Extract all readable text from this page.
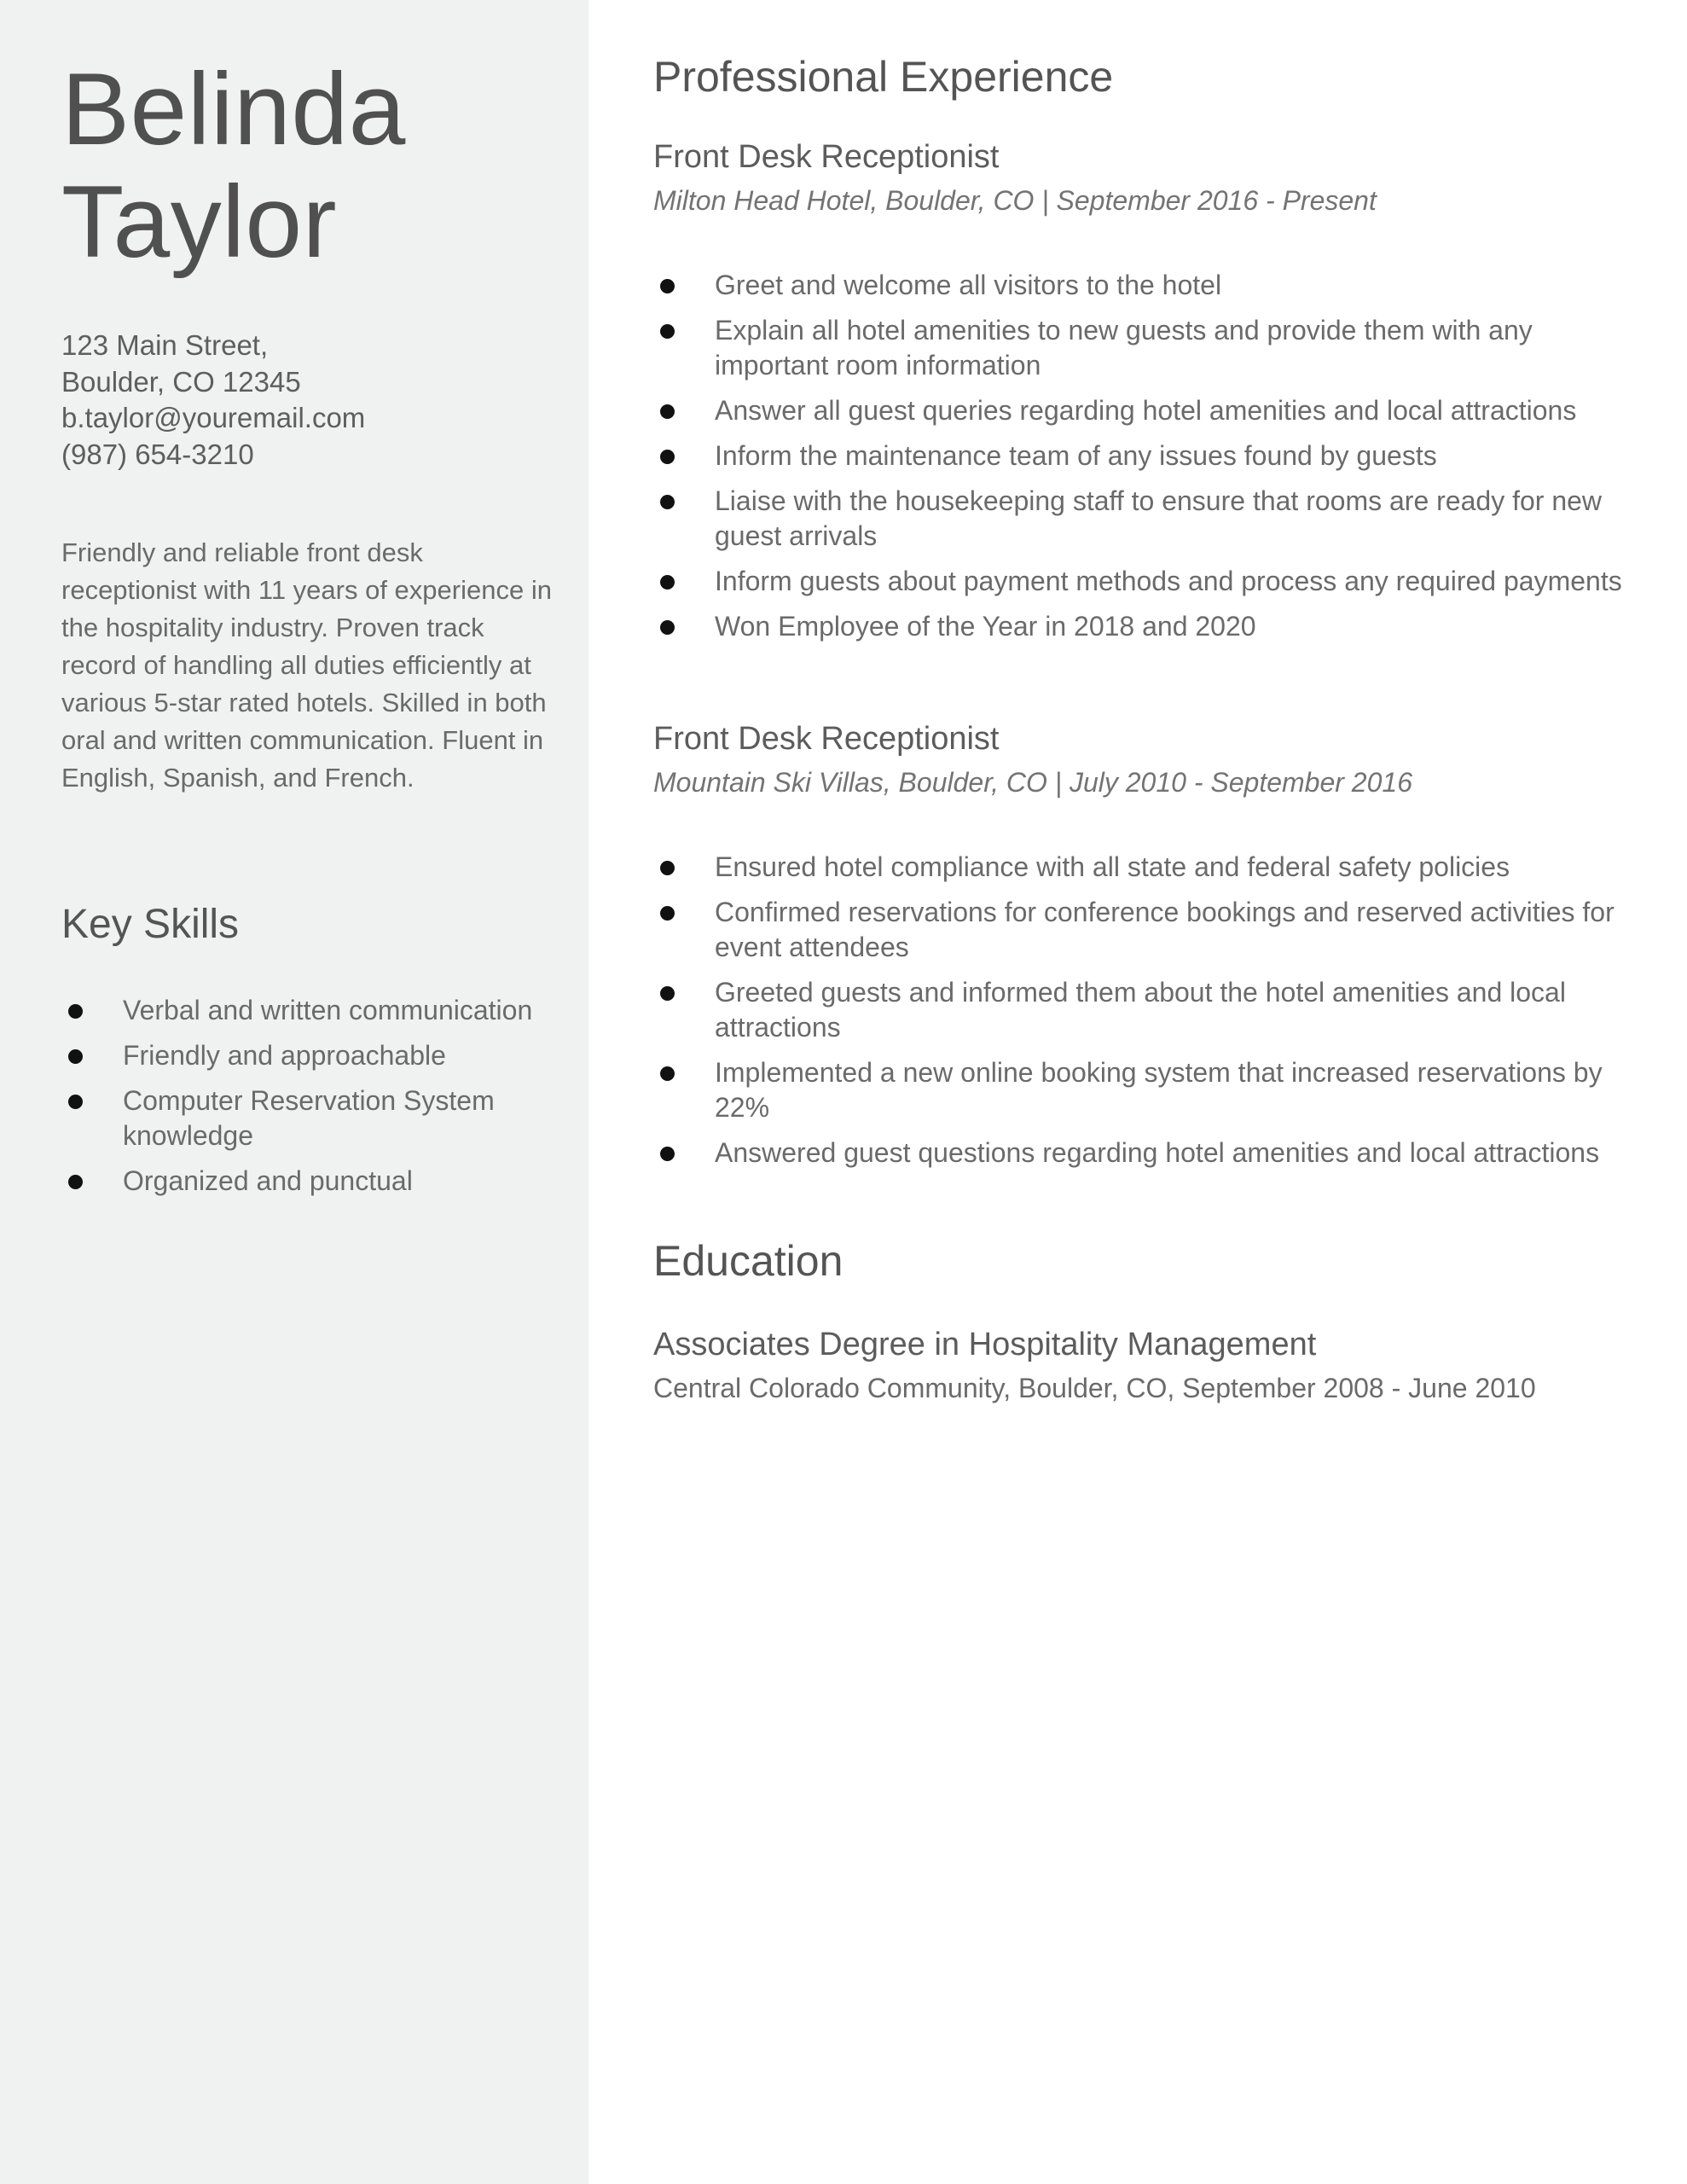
Belinda
Taylor
123 Main Street,
Boulder, CO 12345
b.taylor@youremail.com
(987) 654-3210

Friendly and reliable front desk receptionist with 11 years of experience in the hospitality industry. Proven track record of handling all duties efficiently at various 5-star rated hotels. Skilled in both oral and written communication. Fluent in English, Spanish, and French.

Key Skills
Verbal and written communication
Friendly and approachable
Computer Reservation System knowledge
Organized and punctual
Professional Experience
Front Desk Receptionist
Milton Head Hotel, Boulder, CO | September 2016 - Present
Greet and welcome all visitors to the hotel
Explain all hotel amenities to new guests and provide them with any important room information
Answer all guest queries regarding hotel amenities and local attractions
Inform the maintenance team of any issues found by guests
Liaise with the housekeeping staff to ensure that rooms are ready for new guest arrivals
Inform guests about payment methods and process any required payments
Won Employee of the Year in 2018 and 2020
Front Desk Receptionist
Mountain Ski Villas, Boulder, CO | July 2010 - September 2016
Ensured hotel compliance with all state and federal safety policies
Confirmed reservations for conference bookings and reserved activities for event attendees
Greeted guests and informed them about the hotel amenities and local attractions
Implemented a new online booking system that increased reservations by 22%
Answered guest questions regarding hotel amenities and local attractions
Education
Associates Degree in Hospitality Management
Central Colorado Community, Boulder, CO, September 2008 - June 2010
